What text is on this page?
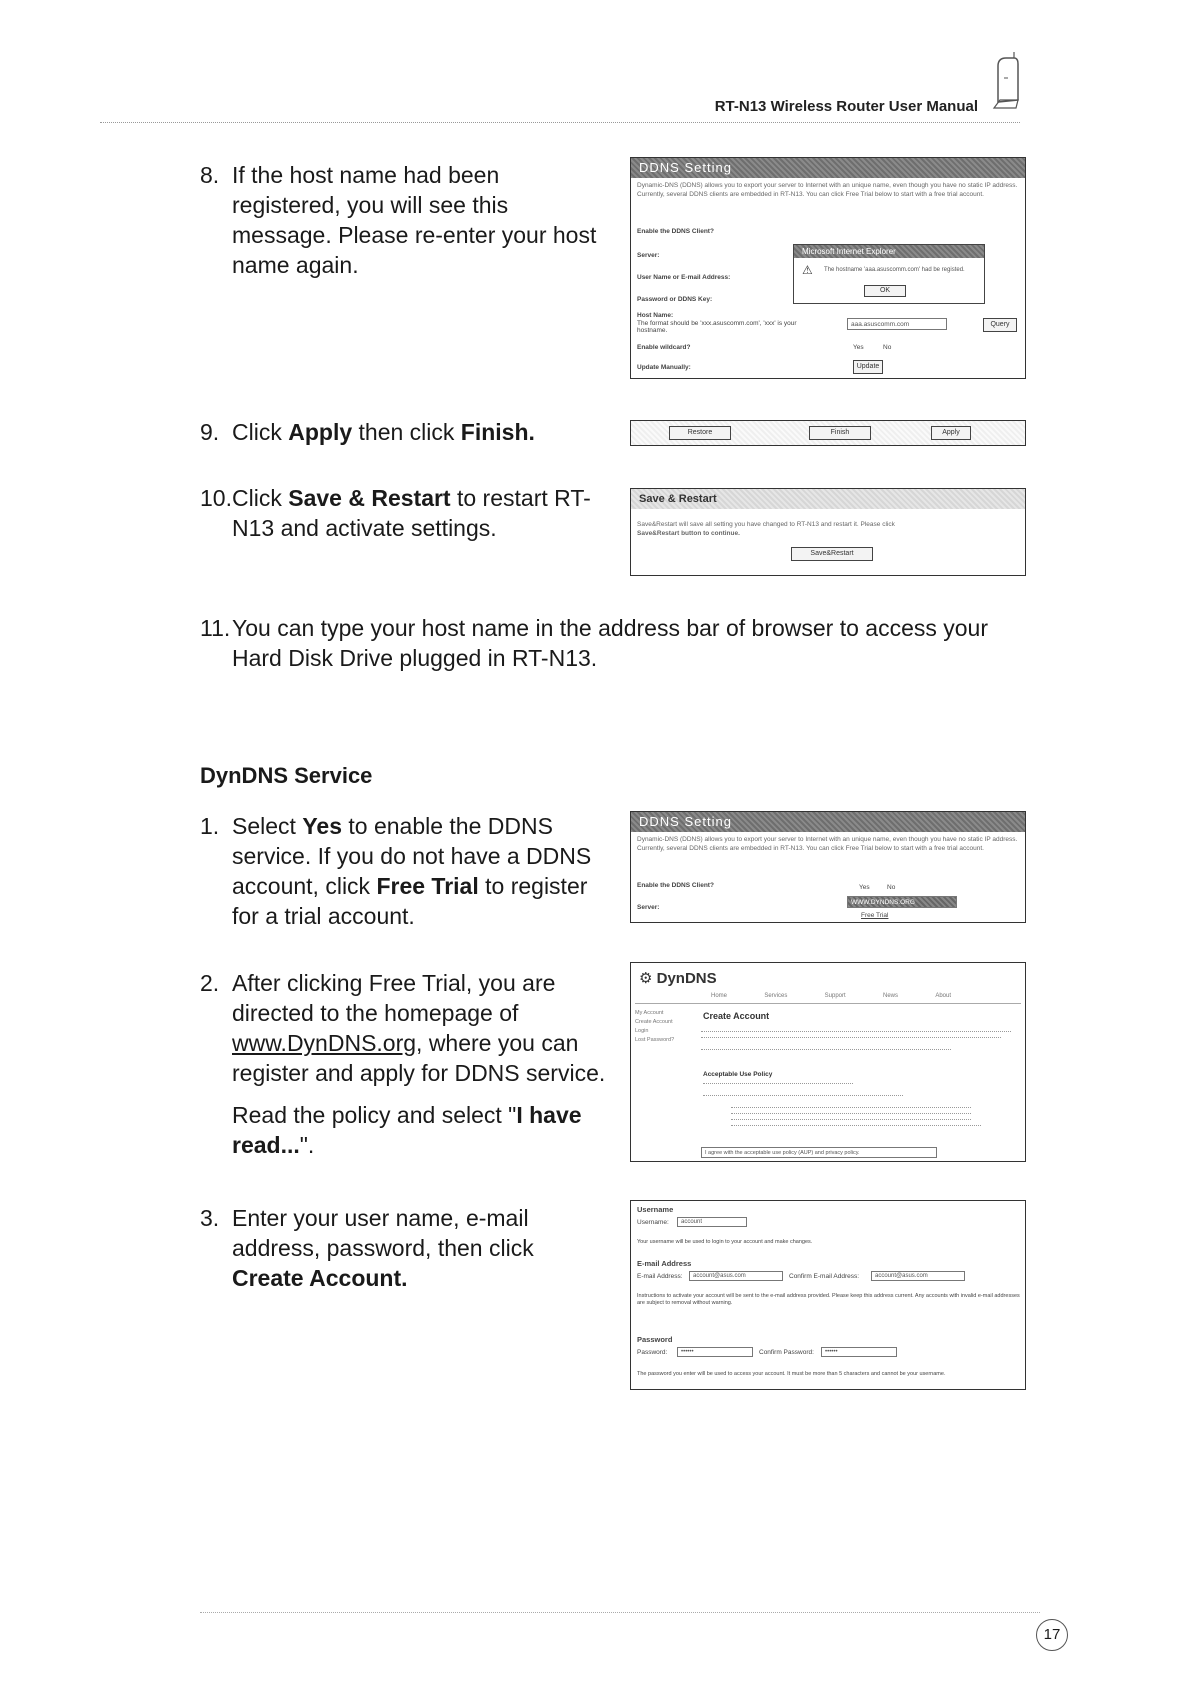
RT-N13 Wireless Router User Manual
8. If the host name had been registered, you will see this message. Please re-enter your host name again.
DDNS Setting
Dynamic-DNS (DDNS) allows you to export your server to Internet with an unique name, even though you have no static IP address. Currently, several DDNS clients are embedded in RT-N13. You can click Free Trial below to start with a free trial account.
Enable the DDNS Client?
Server:
User Name or E-mail Address:
Password or DDNS Key:
Host Name:
The format should be 'xxx.asuscomm.com', 'xxx' is your hostname.
aaa.asuscomm.com	Query
Enable wildcard?	Yes	No
Update Manually:	Update
Microsoft Internet Explorer
⚠ The hostname 'aaa.asuscomm.com' had be registed.
OK
9. Click Apply then click Finish.	Restore	Finish	Apply
10. Click Save & Restart to restart RT-N13 and activate settings.
Save & Restart
Save&Restart will save all setting you have changed to RT-N13 and restart it. Please click
Save&Restart button to continue.
Save&Restart
11. You can type your host name in the address bar of browser to access your Hard Disk Drive plugged in RT-N13.
DynDNS Service
1. Select Yes to enable the DDNS service. If you do not have a DDNS account, click Free Trial to register for a trial account.
DDNS Setting
Dynamic-DNS (DDNS) allows you to export your server to Internet with an unique name, even though you have no static IP address. Currently, several DDNS clients are embedded in RT-N13. You can click Free Trial below to start with a free trial account.
Enable the DDNS Client?	Yes	No
Server:
WWW.DYNDNS.ORG
Free Trial
2. After clicking Free Trial, you are directed to the homepage of www.DynDNS.org, where you can register and apply for DDNS service.
Read the policy and select "I have read...".
⚙ DynDNS
Home	Services	Support	News	About
My Account
Create Account
Login
Lost Password?
Create Account
Acceptable Use Policy
I agree with the acceptable use policy (AUP) and privacy policy.
3. Enter your user name, e-mail address, password, then click Create Account.
Username
Username:	account
Your username will be used to login to your account and make changes.
E-mail Address
E-mail Address:	account@asus.com	Confirm E-mail Address:	account@asus.com
Instructions to activate your account will be sent to the e-mail address provided. Please keep this address current. Any accounts with invalid e-mail addresses are subject to removal without warning.
Password
Password:	••••••	Confirm Password:	••••••
The password you enter will be used to access your account. It must be more than 5 characters and cannot be your username.
17
